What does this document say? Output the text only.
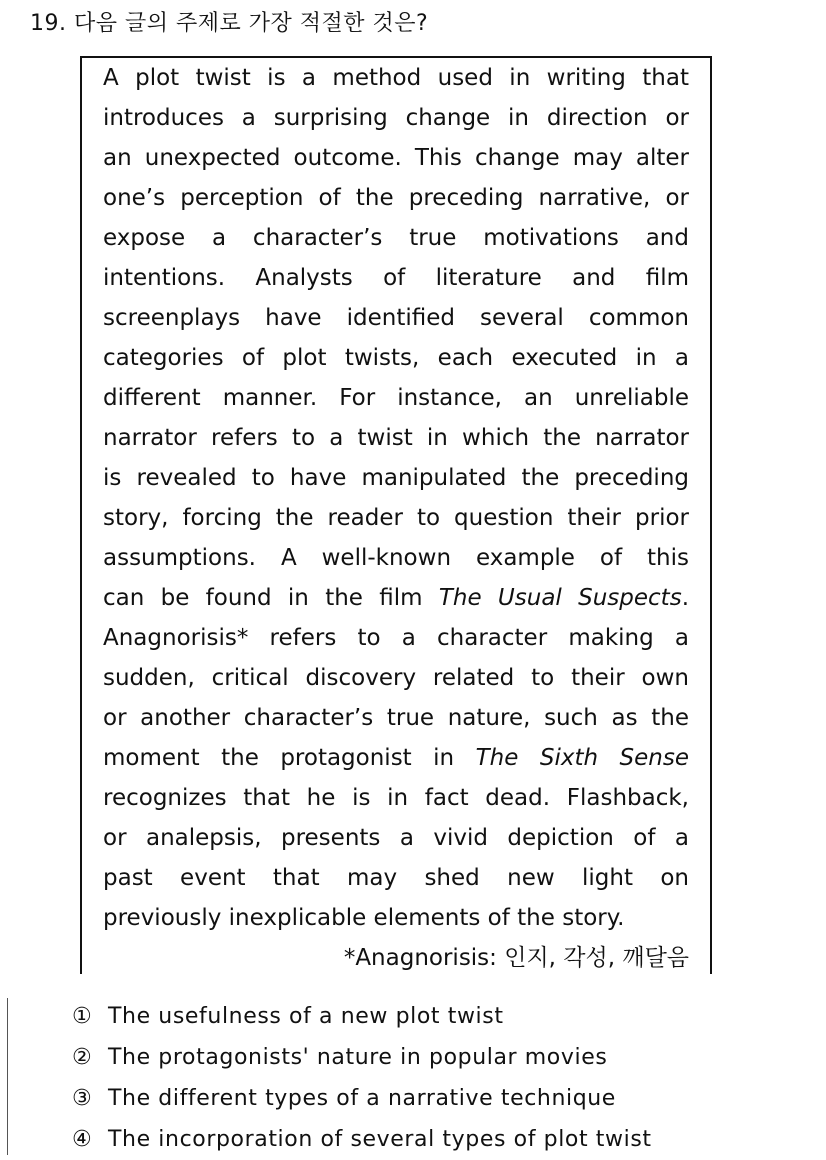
19. 다음 글의 주제로 가장 적절한 것은?
A plot twist is a method used in writing that
introduces a surprising change in direction or
an unexpected outcome. This change may alter
one’s perception of the preceding narrative, or
expose a character’s true motivations and
intentions. Analysts of literature and film
screenplays have identified several common
categories of plot twists, each executed in a
different manner. For instance, an unreliable
narrator refers to a twist in which the narrator
is revealed to have manipulated the preceding
story, forcing the reader to question their prior
assumptions. A well-known example of this
can be found in the film The Usual Suspects.
Anagnorisis* refers to a character making a
sudden, critical discovery related to their own
or another character’s true nature, such as the
moment the protagonist in The Sixth Sense
recognizes that he is in fact dead. Flashback,
or analepsis, presents a vivid depiction of a
past event that may shed new light on
previously inexplicable elements of the story.
*Anagnorisis: 인지, 각성, 깨달음
① The usefulness of a new plot twist
② The protagonists' nature in popular movies
③ The different types of a narrative technique
④ The incorporation of several types of plot twist
